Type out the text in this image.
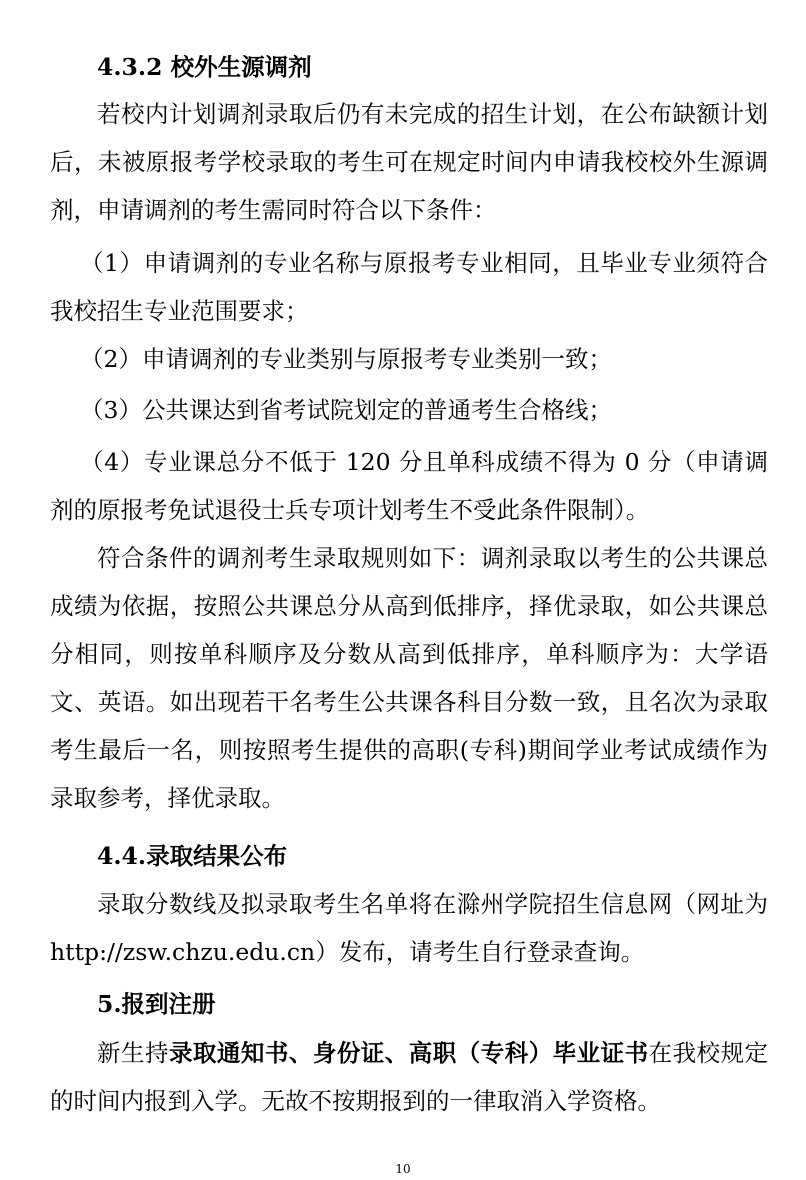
4.3.2 校外生源调剂

若校内计划调剂录取后仍有未完成的招生计划，在公布缺额计划后，未被原报考学校录取的考生可在规定时间内申请我校校外生源调剂，申请调剂的考生需同时符合以下条件：

（1）申请调剂的专业名称与原报考专业相同，且毕业专业须符合我校招生专业范围要求；

（2）申请调剂的专业类别与原报考专业类别一致；

（3）公共课达到省考试院划定的普通考生合格线；

（4）专业课总分不低于 120 分且单科成绩不得为 0 分（申请调剂的原报考免试退役士兵专项计划考生不受此条件限制）。

符合条件的调剂考生录取规则如下：调剂录取以考生的公共课总成绩为依据，按照公共课总分从高到低排序，择优录取，如公共课总分相同，则按单科顺序及分数从高到低排序，单科顺序为：大学语文、英语。如出现若干名考生公共课各科目分数一致，且名次为录取考生最后一名，则按照考生提供的高职(专科)期间学业考试成绩作为录取参考，择优录取。

4.4.录取结果公布

录取分数线及拟录取考生名单将在滁州学院招生信息网（网址为 http://zsw.chzu.edu.cn）发布，请考生自行登录查询。

5.报到注册

新生持录取通知书、身份证、高职（专科）毕业证书在我校规定的时间内报到入学。无故不按期报到的一律取消入学资格。

10
